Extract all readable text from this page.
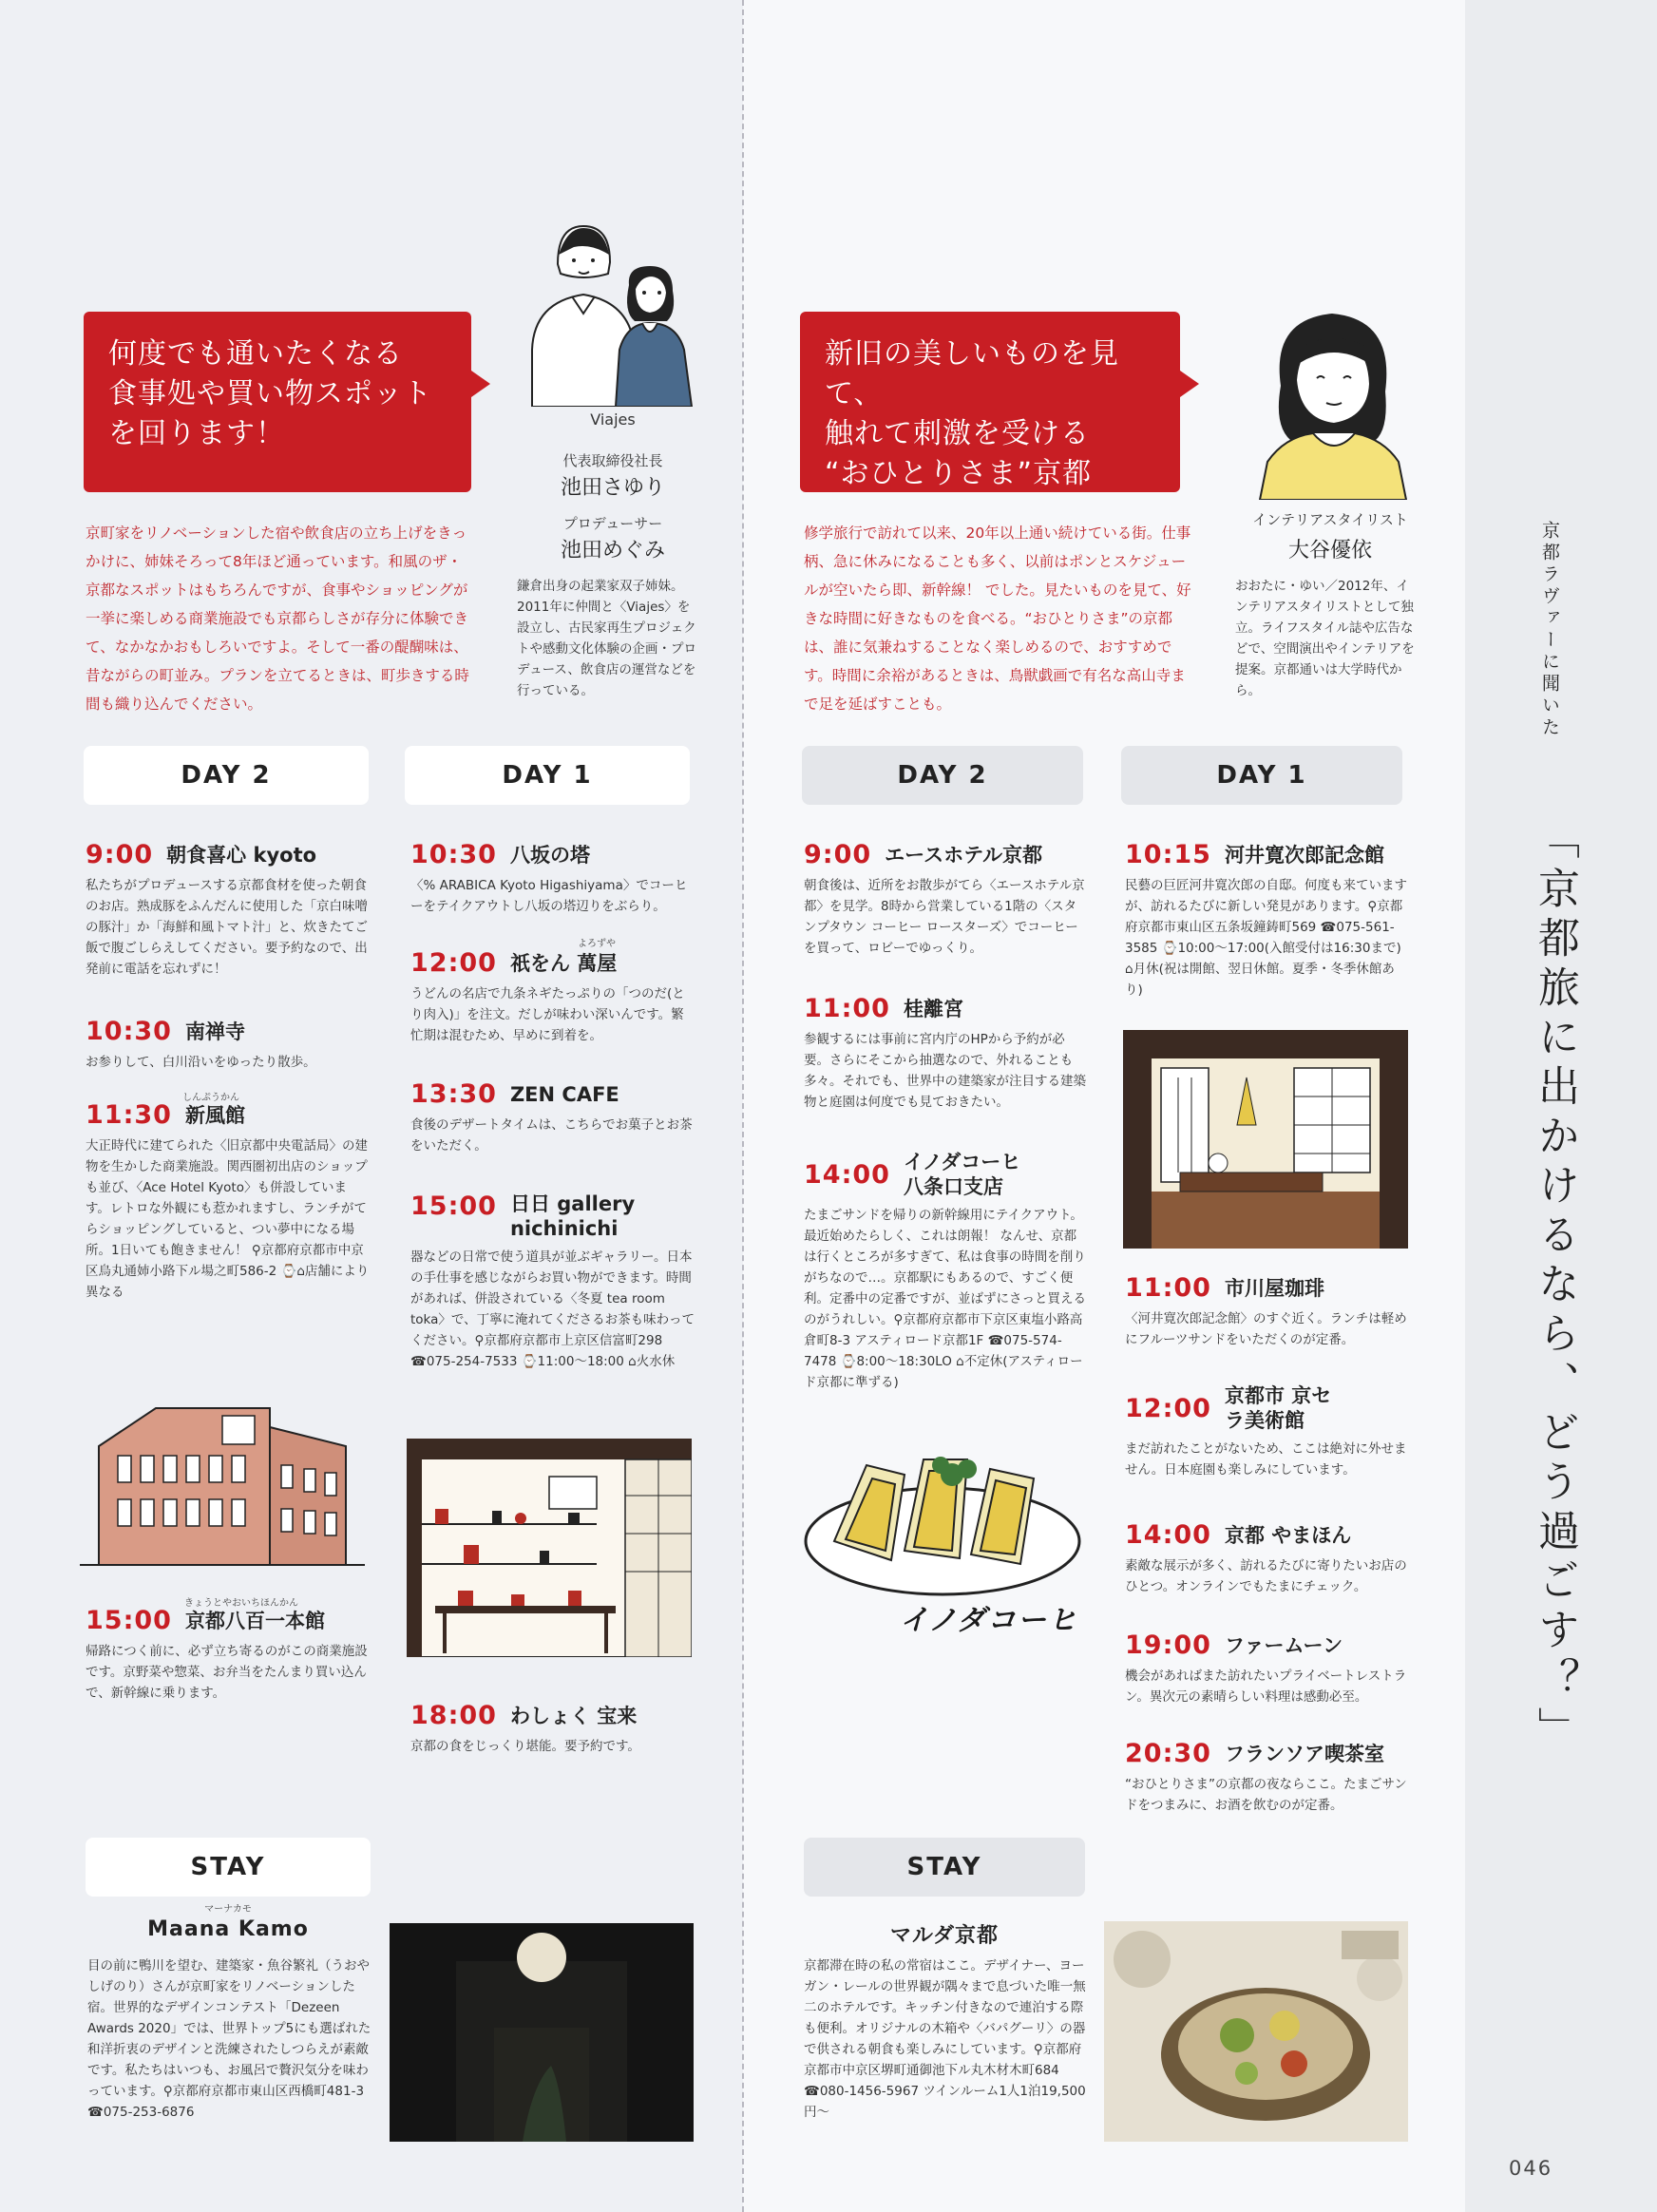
何度でも通いたくなる
食事処や買い物スポット
を回ります！	Viajes
代表取締役社長
池田さゆり
プロデューサー
池田めぐみ
鎌倉出身の起業家双子姉妹。2011年に仲間と〈Viajes〉を設立し、古民家再生プロジェクトや感動文化体験の企画・プロデュース、飲食店の運営などを行っている。
京町家をリノベーションした宿や飲食店の立ち上げをきっかけに、姉妹そろって8年ほど通っています。和風のザ・京都なスポットはもちろんですが、食事やショッピングが一挙に楽しめる商業施設でも京都らしさが存分に体験できて、なかなかおもしろいですよ。そして一番の醍醐味は、昔ながらの町並み。プランを立てるときは、町歩きする時間も織り込んでください。
DAY 2	DAY 1
9:00 朝食喜心 kyoto
私たちがプロデュースする京都食材を使った朝食のお店。熟成豚をふんだんに使用した「京白味噌の豚汁」か「海鮮和風トマト汁」と、炊きたてご飯で腹ごしらえしてください。要予約なので、出発前に電話を忘れずに！
10:30 南禅寺
お参りして、白川沿いをゆったり散歩。
11:30 新風館
大正時代に建てられた〈旧京都中央電話局〉の建物を生かした商業施設。関西圏初出店のショップも並び、〈Ace Hotel Kyoto〉も併設しています。レトロな外観にも惹かれますし、ランチがてらショッピングしていると、つい夢中になる場所。1日いても飽きません！ ⚲京都府京都市中京区烏丸通姉小路下ル場之町586-2 ⌚⌂店舗により異なる
しんぷうかん
15:00 京都八百一本館
帰路につく前に、必ず立ち寄るのがこの商業施設です。京野菜や惣菜、お弁当をたんまり買い込んで、新幹線に乗ります。
きょうとやおいちほんかん
10:30 八坂の塔
〈% ARABICA Kyoto Higashiyama〉でコーヒーをテイクアウトし八坂の塔辺りをぶらり。
12:00 祇をん 萬屋
うどんの名店で九条ネギたっぷりの「つのだ(とり肉入)」を注文。だしが味わい深いんです。繁忙期は混むため、早めに到着を。
よろずや
13:30 ZEN CAFE
食後のデザートタイムは、こちらでお菓子とお茶をいただく。
15:00 日日 gallery nichinichi
器などの日常で使う道具が並ぶギャラリー。日本の手仕事を感じながらお買い物ができます。時間があれば、併設されている〈冬夏 tea room toka〉で、丁寧に淹れてくださるお茶も味わってください。⚲京都府京都市上京区信富町298 ☎075-254-7533 ⌚11:00〜18:00 ⌂火水休
18:00 わしょく 宝来
京都の食をじっくり堪能。要予約です。
STAY
マーナカモ
Maana Kamo
目の前に鴨川を望む、建築家・魚谷繁礼（うおやしげのり）さんが京町家をリノベーションした宿。世界的なデザインコンテスト「Dezeen Awards 2020」では、世界トップ5にも選ばれた和洋折衷のデザインと洗練されたしつらえが素敵です。私たちはいつも、お風呂で贅沢気分を味わっています。⚲京都府京都市東山区西橋町481-3 ☎075-253-6876
新旧の美しいものを見て、
触れて刺激を受ける
“おひとりさま”京都
インテリアスタイリスト
大谷優依
おおたに・ゆい／2012年、インテリアスタイリストとして独立。ライフスタイル誌や広告などで、空間演出やインテリアを提案。京都通いは大学時代から。
修学旅行で訪れて以来、20年以上通い続けている街。仕事柄、急に休みになることも多く、以前はポンとスケジュールが空いたら即、新幹線！ でした。見たいものを見て、好きな時間に好きなものを食べる。“おひとりさま”の京都は、誰に気兼ねすることなく楽しめるので、おすすめです。時間に余裕があるときは、鳥獣戯画で有名な高山寺まで足を延ばすことも。
DAY 2	DAY 1
9:00 エースホテル京都
朝食後は、近所をお散歩がてら〈エースホテル京都〉を見学。8時から営業している1階の〈スタンプタウン コーヒー ロースターズ〉でコーヒーを買って、ロビーでゆっくり。
11:00 桂離宮
参観するには事前に宮内庁のHPから予約が必要。さらにそこから抽選なので、外れることも多々。それでも、世界中の建築家が注目する建築物と庭園は何度でも見ておきたい。
14:00 イノダコーヒ 八条口支店
たまごサンドを帰りの新幹線用にテイクアウト。最近始めたらしく、これは朗報！ なんせ、京都は行くところが多すぎて、私は食事の時間を削りがちなので…。京都駅にもあるので、すごく便利。定番中の定番ですが、並ばずにさっと買えるのがうれしい。⚲京都府京都市下京区東塩小路高倉町8-3 アスティロード京都1F ☎075-574-7478 ⌚8:00〜18:30LO ⌂不定休(アスティロード京都に準ずる)
イノダコーヒ
10:15 河井寛次郎記念館
民藝の巨匠河井寛次郎の自邸。何度も来ていますが、訪れるたびに新しい発見があります。⚲京都府京都市東山区五条坂鐘鋳町569 ☎075-561-3585 ⌚10:00〜17:00(入館受付は16:30まで) ⌂月休(祝は開館、翌日休館。夏季・冬季休館あり)
11:00 市川屋珈琲
〈河井寛次郎記念館〉のすぐ近く。ランチは軽めにフルーツサンドをいただくのが定番。
12:00 京都市 京セラ美術館
まだ訪れたことがないため、ここは絶対に外せません。日本庭園も楽しみにしています。
14:00 京都 やまほん
素敵な展示が多く、訪れるたびに寄りたいお店のひとつ。オンラインでもたまにチェック。
19:00 ファームーン
機会があればまた訪れたいプライベートレストラン。異次元の素晴らしい料理は感動必至。
20:30 フランソア喫茶室
“おひとりさま”の京都の夜ならここ。たまごサンドをつまみに、お酒を飲むのが定番。
STAY
マルダ京都
京都滞在時の私の常宿はここ。デザイナー、ヨーガン・レールの世界観が隅々まで息づいた唯一無二のホテルです。キッチン付きなので連泊する際も便利。オリジナルの木箱や〈バパグーリ〉の器で供される朝食も楽しみにしています。⚲京都府京都市中京区堺町通御池下ル丸木材木町684 ☎080-1456-5967 ツインルーム1人1泊19,500円〜
京都ラヴァーに聞いた
「京都旅に出かけるなら、どう過ごす？」
046
